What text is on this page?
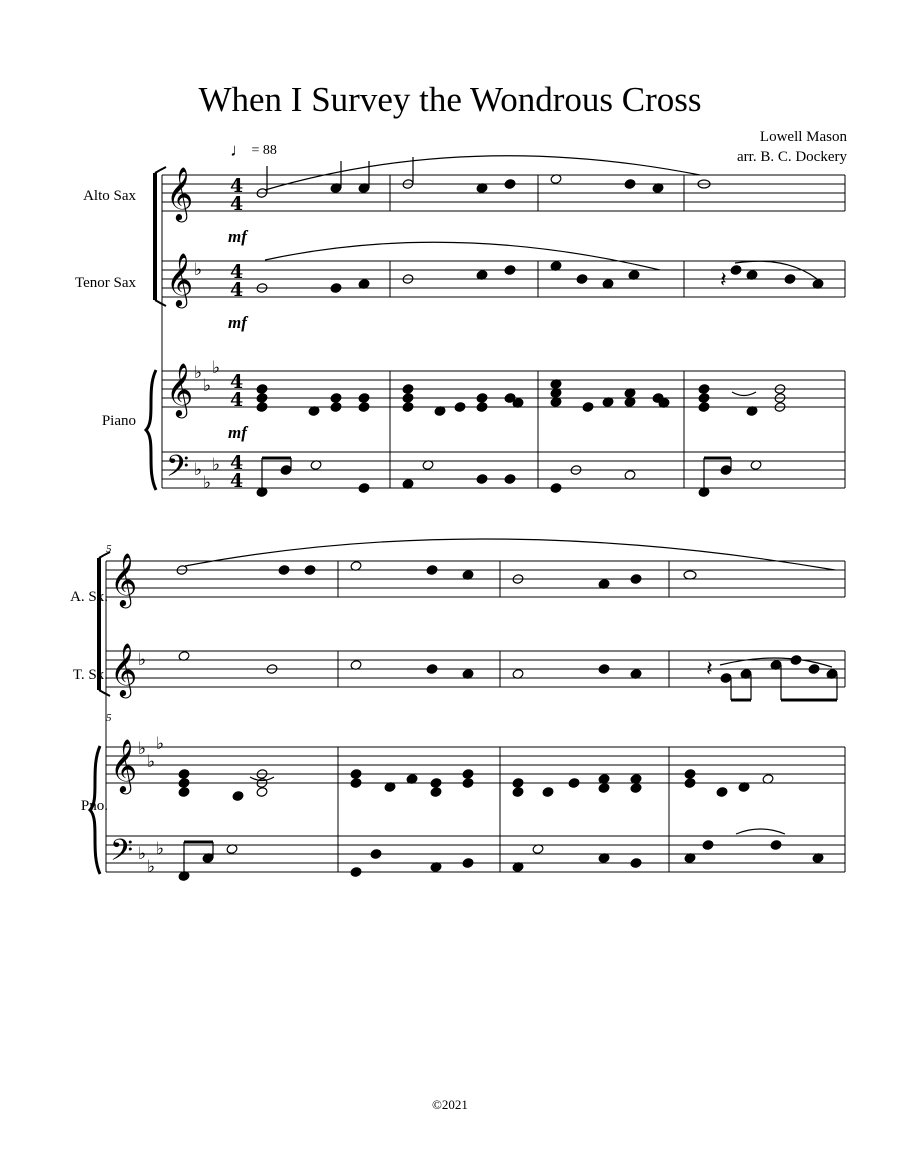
When I Survey the Wondrous Cross
Lowell Mason
arr. B. C. Dockery
♩ = 88
Alto Sax
Tenor Sax
Piano
A. Sx.
T. Sx.
Pno.
5
5
mf
mf
mf
©2021
𝄞
𝄞
𝄞
𝄢
𝄞
𝄞
𝄞
𝄢
♭
♭
♭
♭
♭
♭
♭
♭
♭
♭
♭
♭
♭
♭
4
4
4
4
4
4
4
4
𝄽
𝄽
